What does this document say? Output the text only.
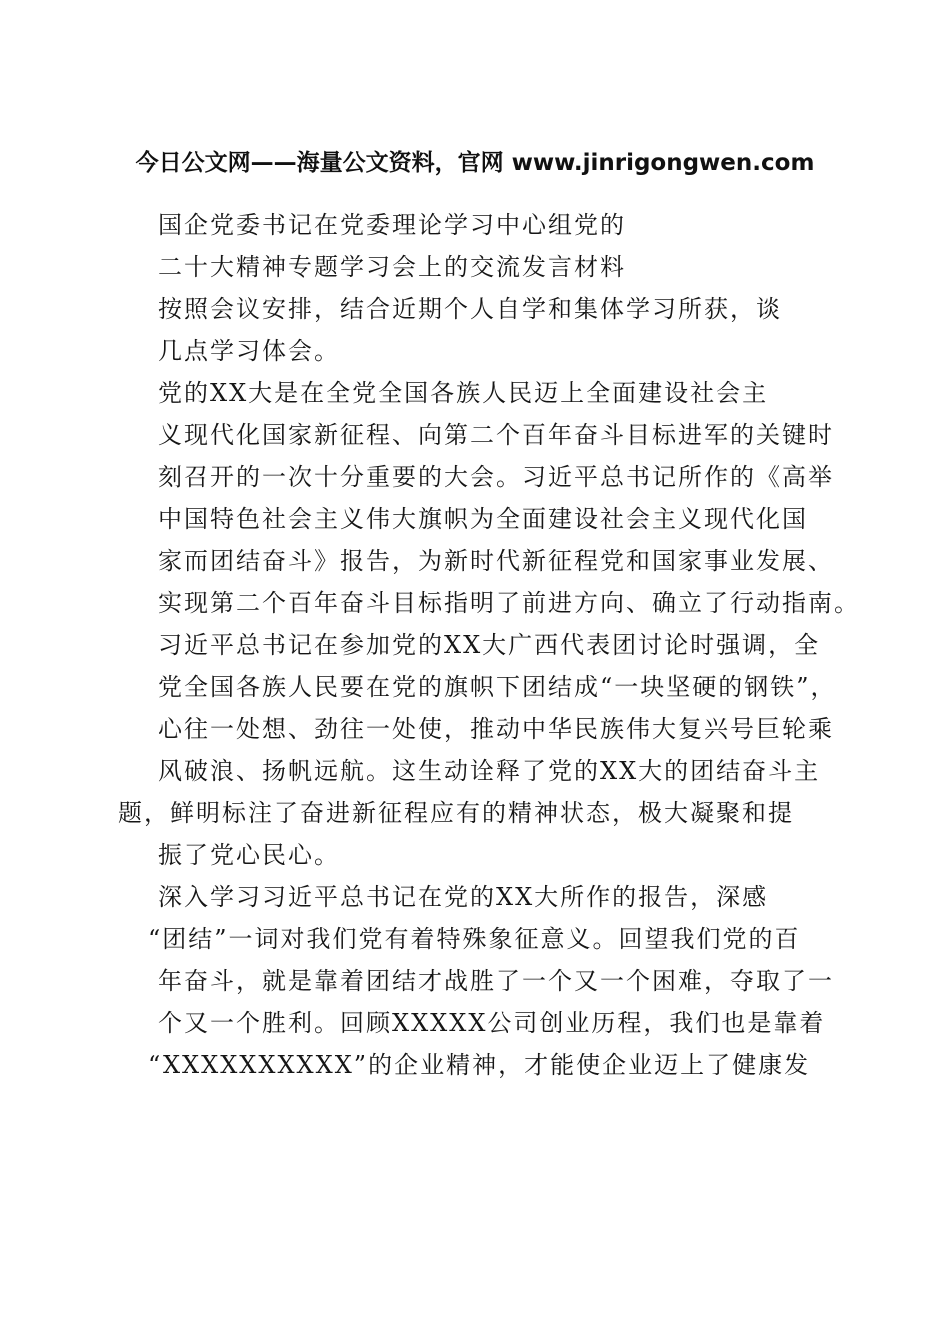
今日公文网——海量公文资料，官网 www.jinrigongwen.com
国企党委书记在党委理论学习中心组党的
二十大精神专题学习会上的交流发言材料
按照会议安排，结合近期个人自学和集体学习所获，谈
几点学习体会。
党的XX大是在全党全国各族人民迈上全面建设社会主
义现代化国家新征程、向第二个百年奋斗目标进军的关键时
刻召开的一次十分重要的大会。习近平总书记所作的《高举
中国特色社会主义伟大旗帜为全面建设社会主义现代化国
家而团结奋斗》报告，为新时代新征程党和国家事业发展、
实现第二个百年奋斗目标指明了前进方向、确立了行动指南。
习近平总书记在参加党的XX大广西代表团讨论时强调，全
党全国各族人民要在党的旗帜下团结成“一块坚硬的钢铁”，
心往一处想、劲往一处使，推动中华民族伟大复兴号巨轮乘
风破浪、扬帆远航。这生动诠释了党的XX大的团结奋斗主
题，鲜明标注了奋进新征程应有的精神状态，极大凝聚和提
振了党心民心。
深入学习习近平总书记在党的XX大所作的报告，深感
“团结”一词对我们党有着特殊象征意义。回望我们党的百
年奋斗，就是靠着团结才战胜了一个又一个困难，夺取了一
个又一个胜利。回顾XXXXX公司创业历程，我们也是靠着
“XXXXXXXXXX”的企业精神，才能使企业迈上了健康发
